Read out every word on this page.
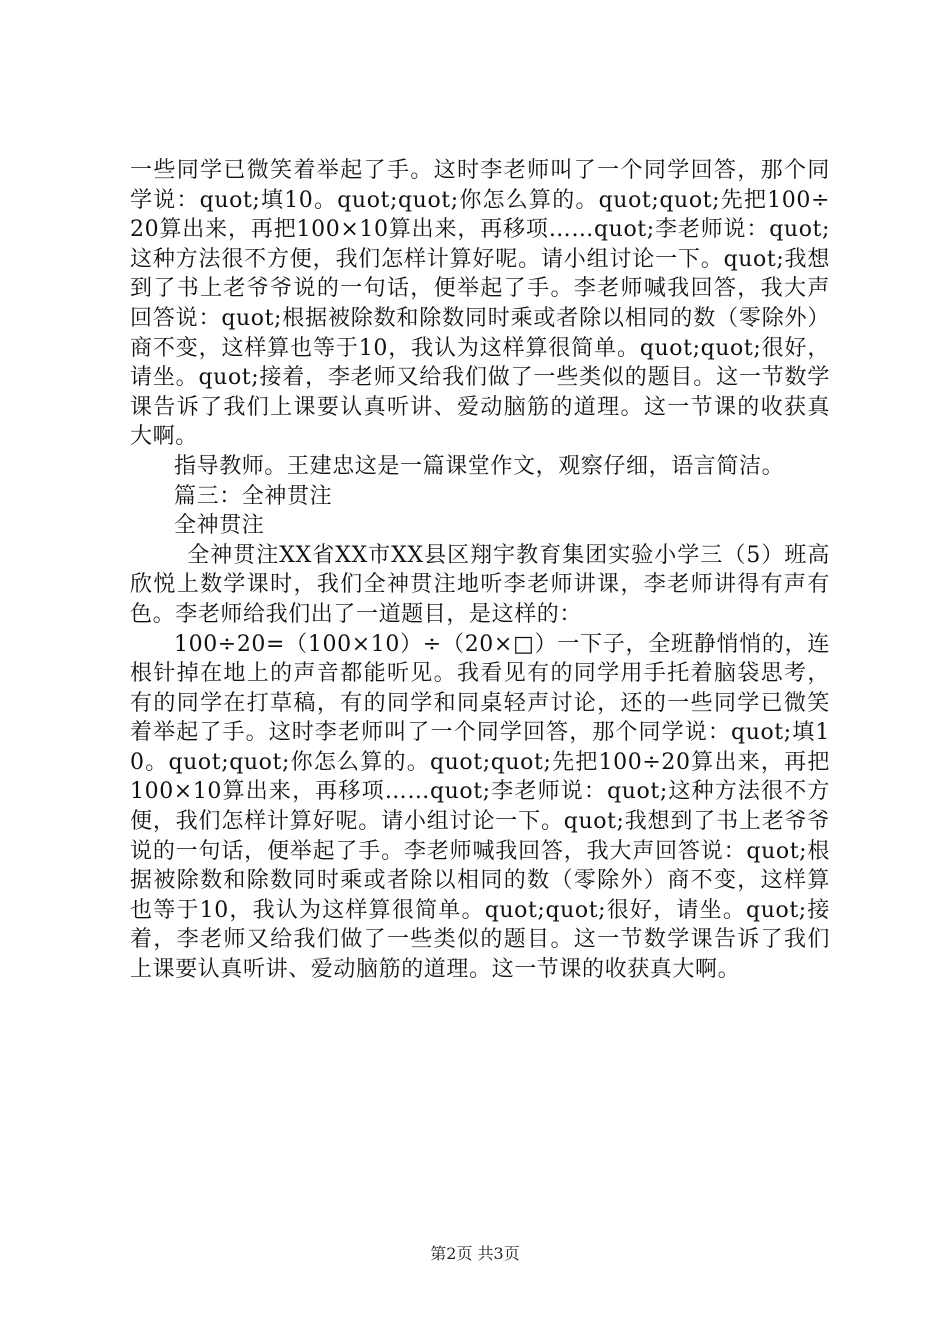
一些同学已微笑着举起了手。这时李老师叫了一个同学回答，那个同学说：quot;填10。quot;quot;你怎么算的。quot;quot;先把100÷20算出来，再把100×10算出来，再移项……quot;李老师说：quot;这种方法很不方便，我们怎样计算好呢。请小组讨论一下。quot;我想到了书上老爷爷说的一句话，便举起了手。李老师喊我回答，我大声回答说：quot;根据被除数和除数同时乘或者除以相同的数（零除外）商不变，这样算也等于10，我认为这样算很简单。quot;quot;很好，请坐。quot;接着，李老师又给我们做了一些类似的题目。这一节数学课告诉了我们上课要认真听讲、爱动脑筋的道理。这一节课的收获真大啊。

指导教师。王建忠这是一篇课堂作文，观察仔细，语言简洁。

篇三：全神贯注

全神贯注

全神贯注XX省XX市XX县区翔宇教育集团实验小学三（5）班高欣悦上数学课时，我们全神贯注地听李老师讲课，李老师讲得有声有色。李老师给我们出了一道题目，是这样的：

100÷20=（100×10）÷（20×□）一下子，全班静悄悄的，连根针掉在地上的声音都能听见。我看见有的同学用手托着脑袋思考，有的同学在打草稿，有的同学和同桌轻声讨论，还的一些同学已微笑着举起了手。这时李老师叫了一个同学回答，那个同学说：quot;填10。quot;quot;你怎么算的。quot;quot;先把100÷20算出来，再把100×10算出来，再移项……quot;李老师说：quot;这种方法很不方便，我们怎样计算好呢。请小组讨论一下。quot;我想到了书上老爷爷说的一句话，便举起了手。李老师喊我回答，我大声回答说：quot;根据被除数和除数同时乘或者除以相同的数（零除外）商不变，这样算也等于10，我认为这样算很简单。quot;quot;很好，请坐。quot;接着，李老师又给我们做了一些类似的题目。这一节数学课告诉了我们上课要认真听讲、爱动脑筋的道理。这一节课的收获真大啊。

第2页 共3页
